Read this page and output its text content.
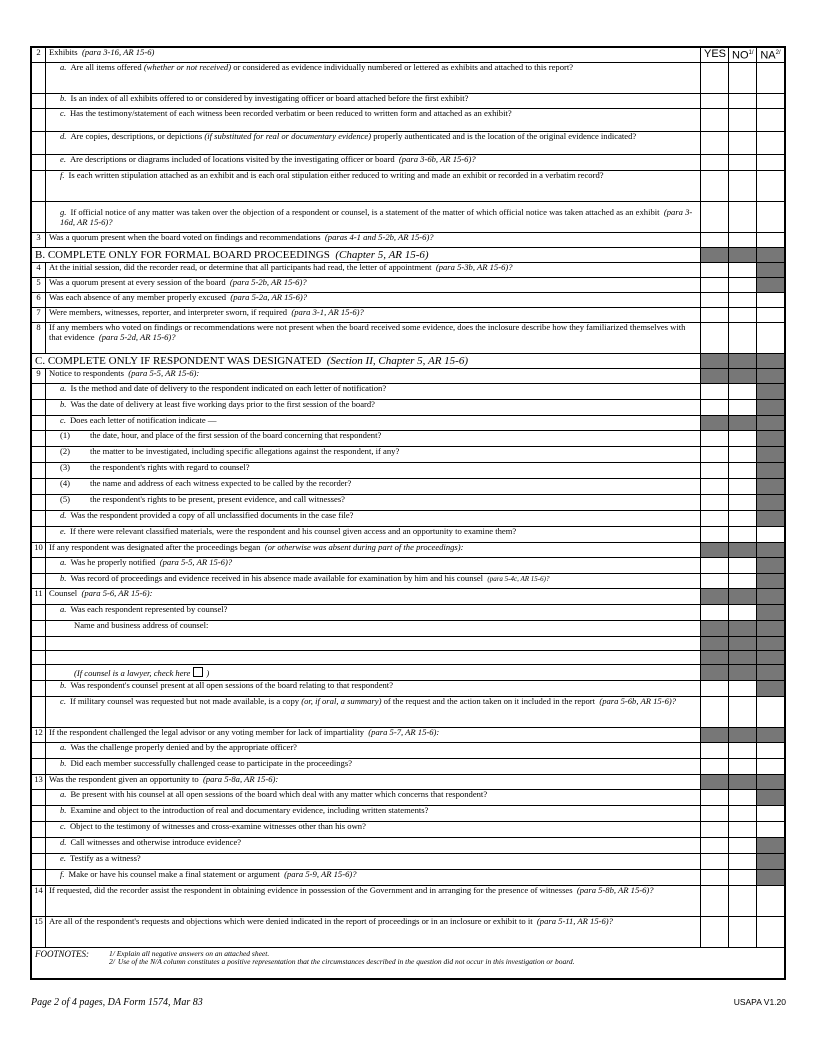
2	Exhibits (para 3-16, AR 15-6)	YES	$NO^{1/}$	$NA^{2/}$
	a. Are all items offered (whether or not received) or considered as evidence individually numbered or lettered as exhibits and attached to this report?			
	b. Is an index of all exhibits offered to or considered by investigating officer or board attached before the first exhibit?			
	c. Has the testimony/statement of each witness been recorded verbatim or been reduced to written form and attached as an exhibit?			
	d. Are copies, descriptions, or depictions (if substituted for real or documentary evidence) properly authenticated and is the location of the original evidence indicated?			
	e. Are descriptions or diagrams included of locations visited by the investigating officer or board (para 3-6b, AR 15-6)?			
	f. Is each written stipulation attached as an exhibit and is each oral stipulation either reduced to writing and made an exhibit or recorded in a verbatim record?			
	g. If official notice of any matter was taken over the objection of a respondent or counsel, is a statement of the matter of which official notice was taken attached as an exhibit (para 3-16d, AR 15-6)?			
3	Was a quorum present when the board voted on findings and recommendations (paras 4-1 and 5-2b, AR 15-6)?			
B. COMPLETE ONLY FOR FORMAL BOARD PROCEEDINGS (Chapter 5, AR 15-6)				
4	At the initial session, did the recorder read, or determine that all participants had read, the letter of appointment (para 5-3b, AR 15-6)?			
5	Was a quorum present at every session of the board (para 5-2b, AR 15-6)?			
6	Was each absence of any member properly excused (para 5-2a, AR 15-6)?			
7	Were members, witnesses, reporter, and interpreter sworn, if required (para 3-1, AR 15-6)?			
8	If any members who voted on findings or recommendations were not present when the board received some evidence, does the inclosure describe how they familiarized themselves with that evidence (para 5-2d, AR 15-6)?			
C. COMPLETE ONLY IF RESPONDENT WAS DESIGNATED (Section II, Chapter 5, AR 15-6)				
9	Notice to respondents (para 5-5, AR 15-6):			
	a. Is the method and date of delivery to the respondent indicated on each letter of notification?			
	b. Was the date of delivery at least five working days prior to the first session of the board?			
	c. Does each letter of notification indicate —			
	(1) the date, hour, and place of the first session of the board concerning that respondent?			
	(2) the matter to be investigated, including specific allegations against the respondent, if any?			
	(3) the respondent's rights with regard to counsel?			
	(4) the name and address of each witness expected to be called by the recorder?			
	(5) the respondent's rights to be present, present evidence, and call witnesses?			
	d. Was the respondent provided a copy of all unclassified documents in the case file?			
	e. If there were relevant classified materials, were the respondent and his counsel given access and an opportunity to examine them?			
10	If any respondent was designated after the proceedings began (or otherwise was absent during part of the proceedings):			
	a. Was he properly notified (para 5-5, AR 15-6)?			
	b. Was record of proceedings and evidence received in his absence made available for examination by him and his counsel (para 5-4c, AR 15-6)?			
11	Counsel (para 5-6, AR 15-6):			
	a. Was each respondent represented by counsel?			
	Name and business address of counsel:			

	(If counsel is a lawyer, check here )			
	b. Was respondent's counsel present at all open sessions of the board relating to that respondent?			
	c. If military counsel was requested but not made available, is a copy (or, if oral, a summary) of the request and the action taken on it included in the report (para 5-6b, AR 15-6)?			
12	If the respondent challenged the legal advisor or any voting member for lack of impartiality (para 5-7, AR 15-6):			
	a. Was the challenge properly denied and by the appropriate officer?			
	b. Did each member successfully challenged cease to participate in the proceedings?			
13	Was the respondent given an opportunity to (para 5-8a, AR 15-6):			
	a. Be present with his counsel at all open sessions of the board which deal with any matter which concerns that respondent?			
	b. Examine and object to the introduction of real and documentary evidence, including written statements?			
	c. Object to the testimony of witnesses and cross-examine witnesses other than his own?			
	d. Call witnesses and otherwise introduce evidence?			
	e. Testify as a witness?			
	f. Make or have his counsel make a final statement or argument (para 5-9, AR 15-6)?			
14	If requested, did the recorder assist the respondent in obtaining evidence in possession of the Government and in arranging for the presence of witnesses (para 5-8b, AR 15-6)?			
15	Are all of the respondent's requests and objections which were denied indicated in the report of proceedings or in an inclosure or exhibit to it (para 5-11, AR 15-6)?			

FOOTNOTES: 1/ Explain all negative answers on an attached sheet.
2/ Use of the N/A column constitutes a positive representation that the circumstances described in the question did not occur in this investigation or board.				
Page 2 of 4 pages, DA Form 1574, Mar 83	USAPA V1.20
